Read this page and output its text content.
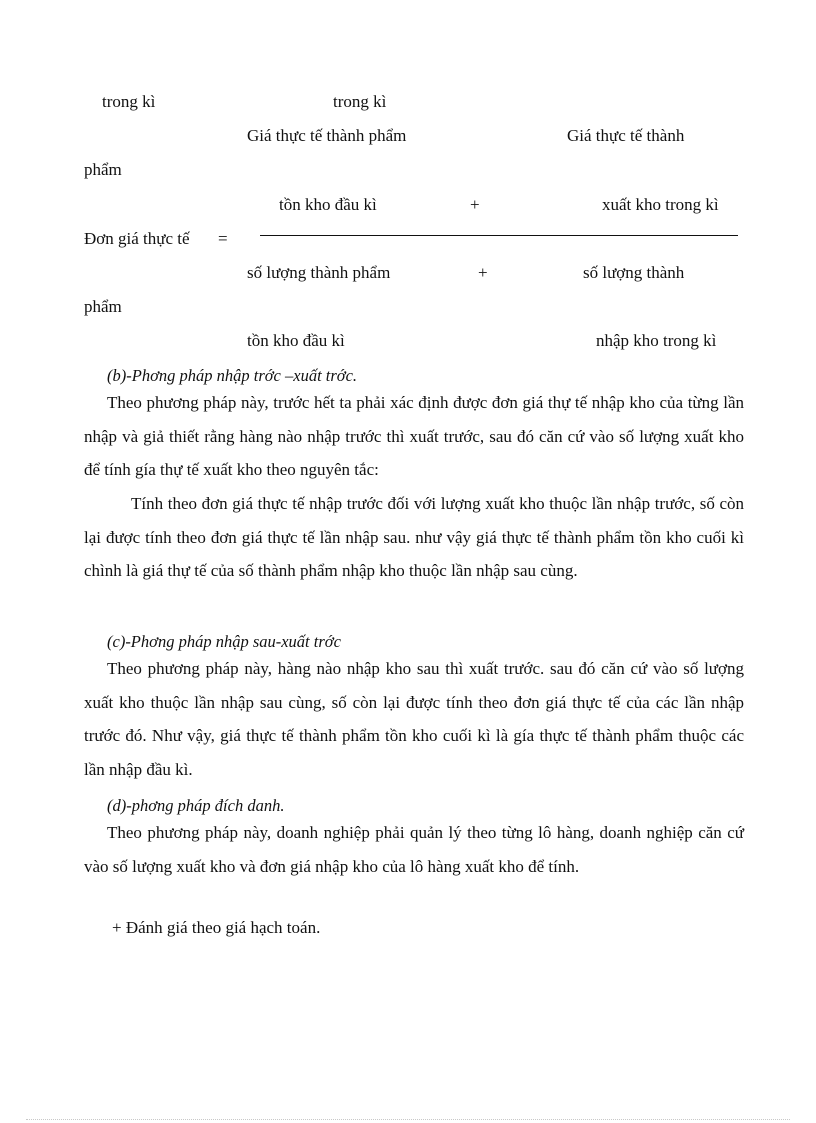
trong kì	trong kì
Giá thực tế thành phẩm	Giá thực tế thành
phẩm
tồn kho đầu kì	+	xuất kho trong kì
Đơn giá thực tế =
số lượng thành phẩm	+	số lượng thành
phẩm
tồn kho đầu kì	nhập kho trong kì
(b)-Phơng pháp nhập trớc –xuất trớc.
Theo phương pháp này, trước hết ta phải xác định được đơn giá thự tế nhập kho của từng lần nhập và giả thiết rằng hàng nào nhập trước thì xuất trước, sau đó căn cứ vào số lượng xuất kho để tính gía thự tế xuất kho theo nguyên tắc:
Tính theo đơn giá thực tế nhập trước đối với lượng xuất kho thuộc lần nhập trước, số còn lại được tính theo đơn giá thực tế lần nhập sau. như vậy giá thực tế thành phẩm tồn kho cuối kì chình là giá thự tế của số thành phẩm nhập kho thuộc lần nhập sau cùng.
(c)-Phơng pháp nhập sau-xuất trớc
Theo phương pháp này, hàng nào nhập kho sau thì xuất trước. sau đó căn cứ vào số lượng xuất kho thuộc lần nhập sau cùng, số còn lại được tính theo đơn giá thực tế của các lần nhập trước đó. Như vậy, giá thực tế thành phẩm tồn kho cuối kì là gía thực tế thành phẩm thuộc các lần nhập đầu kì.
(d)-phơng pháp đích danh.
Theo phương pháp này, doanh nghiệp phải quản lý theo từng lô hàng, doanh nghiệp căn cứ vào số lượng xuất kho và đơn giá nhập kho của lô hàng xuất kho để tính.
+ Đánh giá theo giá hạch toán.
